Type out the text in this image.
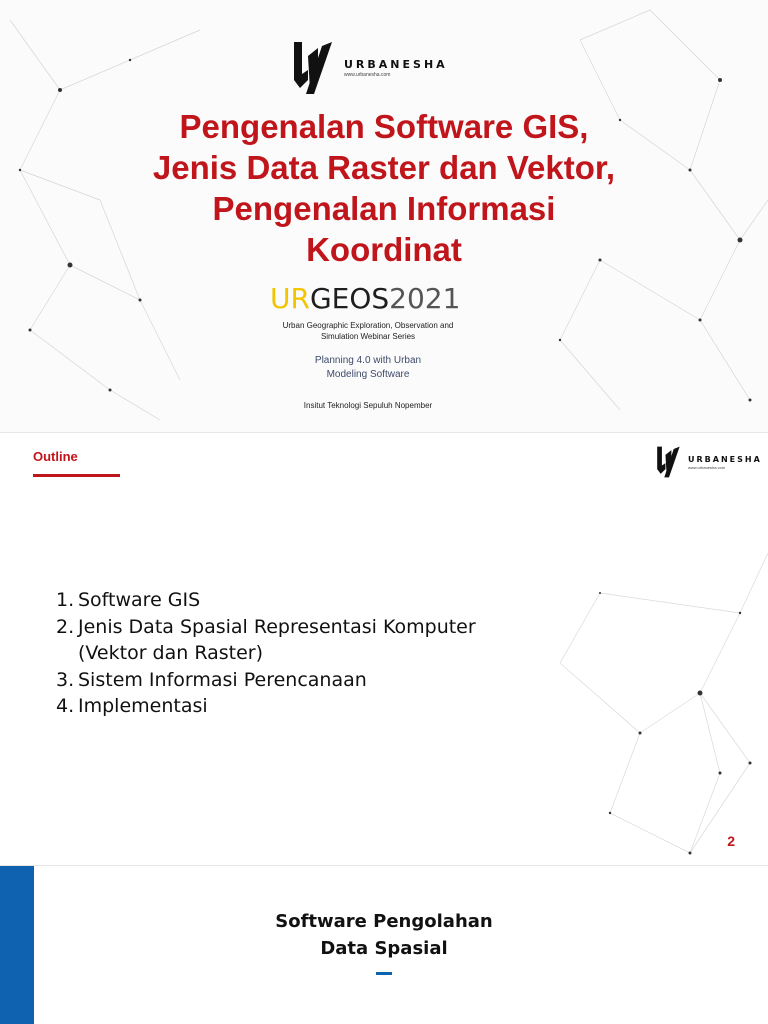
URBANESHA
www.urbanesha.com
Pengenalan Software GIS,
Jenis Data Raster dan Vektor,
Pengenalan Informasi
Koordinat
URGEOS2021
Urban Geographic Exploration, Observation and
Simulation Webinar Series
Planning 4.0 with Urban
Modeling Software
Insitut Teknologi Sepuluh Nopember
Outline	URBANESHA
www.urbanesha.com
1. Software GIS
2. Jenis Data Spasial Representasi Komputer
(Vektor dan Raster)
3. Sistem Informasi Perencanaan
4. Implementasi
2
Software Pengolahan
Data Spasial
